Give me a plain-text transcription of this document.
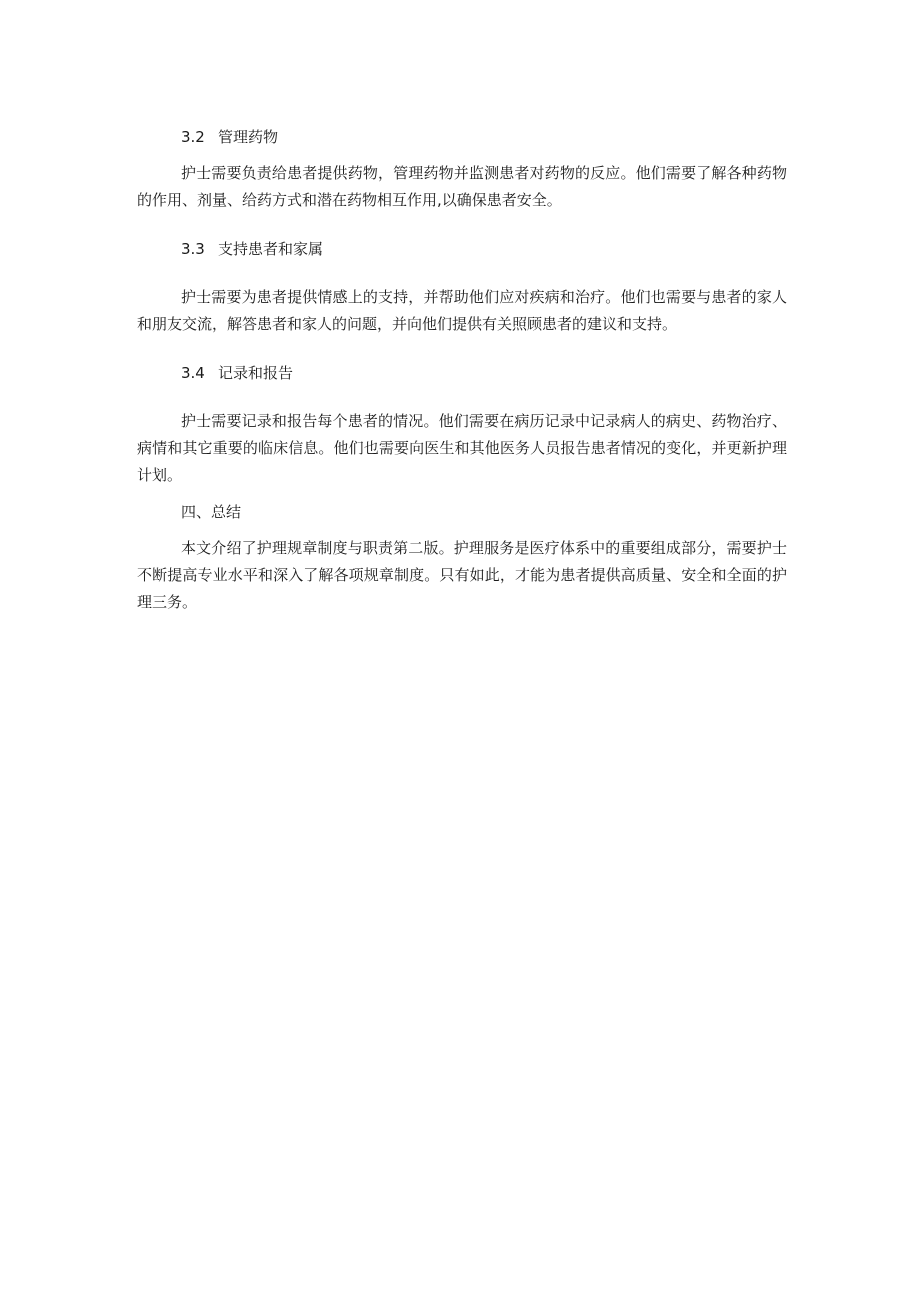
3.2 管理药物

护士需要负责给患者提供药物，管理药物并监测患者对药物的反应。他们需要了解各种药物的作用、剂量、给药方式和潜在药物相互作用,以确保患者安全。

3.3 支持患者和家属

护士需要为患者提供情感上的支持，并帮助他们应对疾病和治疗。他们也需要与患者的家人和朋友交流，解答患者和家人的问题，并向他们提供有关照顾患者的建议和支持。

3.4 记录和报告

护士需要记录和报告每个患者的情况。他们需要在病历记录中记录病人的病史、药物治疗、病情和其它重要的临床信息。他们也需要向医生和其他医务人员报告患者情况的变化，并更新护理计划。

四、总结

本文介绍了护理规章制度与职责第二版。护理服务是医疗体系中的重要组成部分，需要护士不断提高专业水平和深入了解各项规章制度。只有如此，才能为患者提供高质量、安全和全面的护理三务。
